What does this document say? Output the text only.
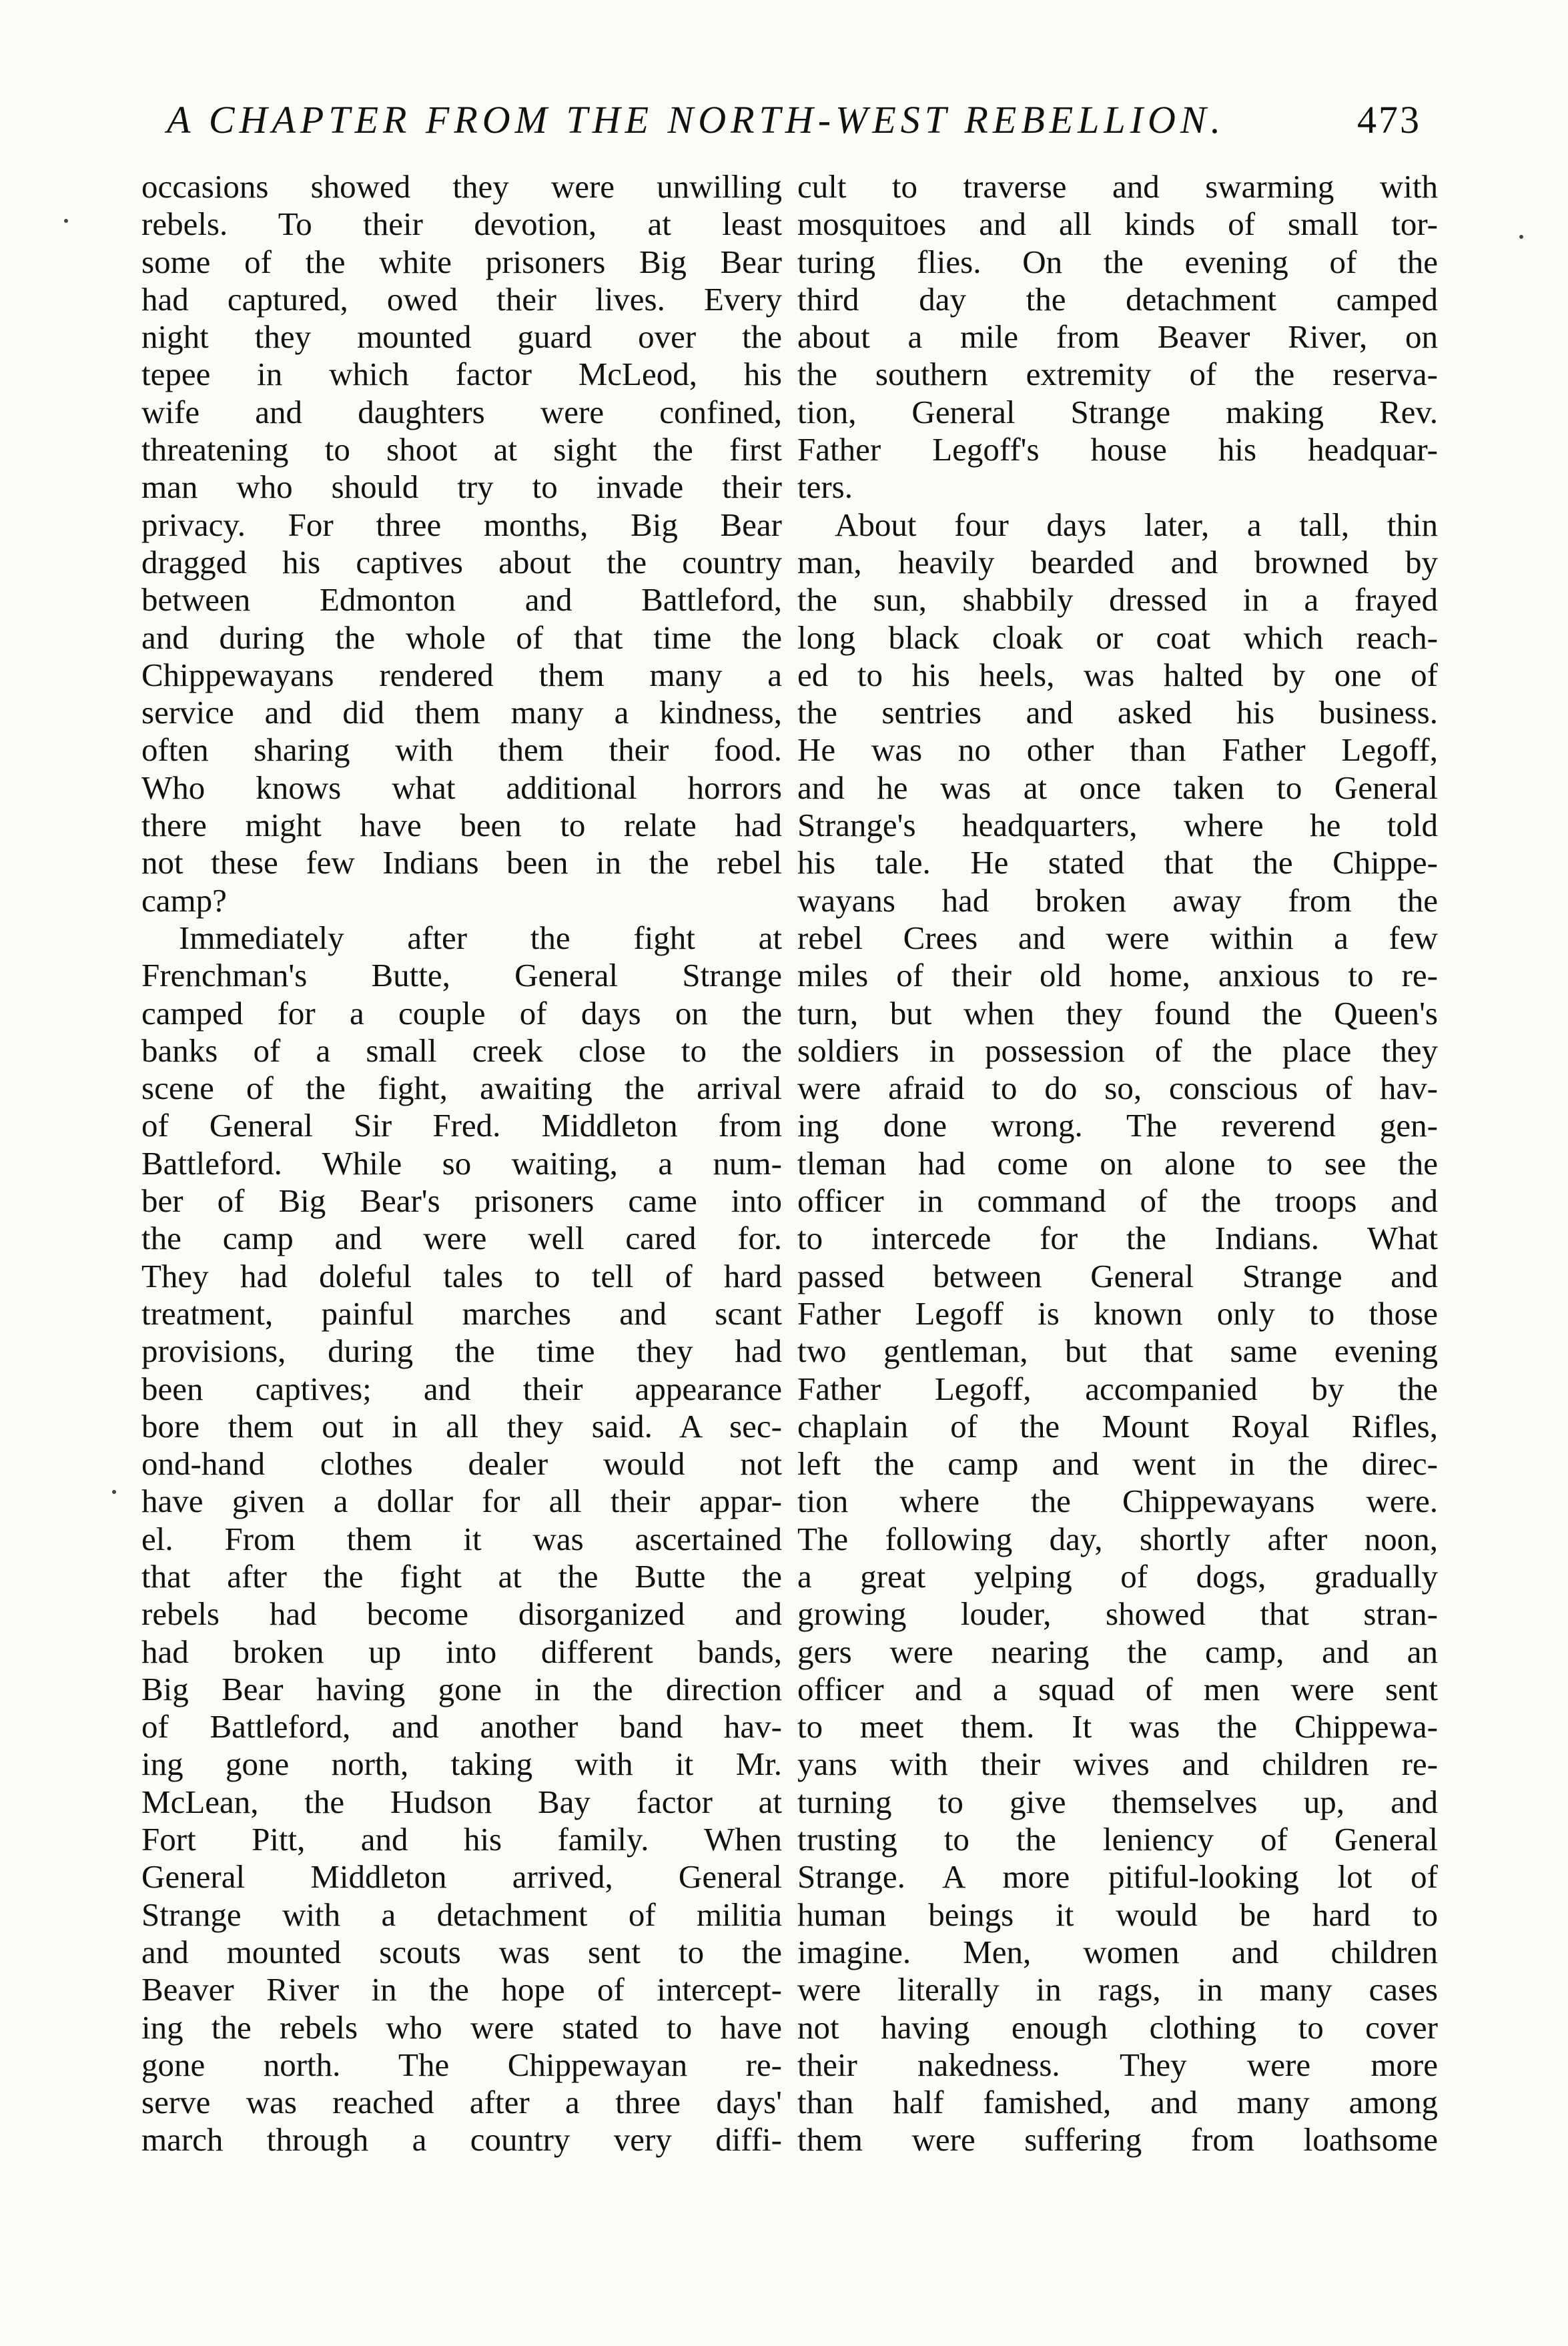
A CHAPTER FROM THE NORTH-WEST REBELLION.	473
occasions showed they were unwilling
rebels. To their devotion, at least
some of the white prisoners Big Bear
had captured, owed their lives. Every
night they mounted guard over the
tepee in which factor McLeod, his
wife and daughters were confined,
threatening to shoot at sight the first
man who should try to invade their
privacy. For three months, Big Bear
dragged his captives about the country
between Edmonton and Battleford,
and during the whole of that time the
Chippewayans rendered them many a
service and did them many a kindness,
often sharing with them their food.
Who knows what additional horrors
there might have been to relate had
not these few Indians been in the rebel
camp?
Immediately after the fight at
Frenchman's Butte, General Strange
camped for a couple of days on the
banks of a small creek close to the
scene of the fight, awaiting the arrival
of General Sir Fred. Middleton from
Battleford. While so waiting, a num-
ber of Big Bear's prisoners came into
the camp and were well cared for.
They had doleful tales to tell of hard
treatment, painful marches and scant
provisions, during the time they had
been captives; and their appearance
bore them out in all they said. A sec-
ond-hand clothes dealer would not
have given a dollar for all their appar-
el. From them it was ascertained
that after the fight at the Butte the
rebels had become disorganized and
had broken up into different bands,
Big Bear having gone in the direction
of Battleford, and another band hav-
ing gone north, taking with it Mr.
McLean, the Hudson Bay factor at
Fort Pitt, and his family. When
General Middleton arrived, General
Strange with a detachment of militia
and mounted scouts was sent to the
Beaver River in the hope of intercept-
ing the rebels who were stated to have
gone north. The Chippewayan re-
serve was reached after a three days'
march through a country very diffi-
cult to traverse and swarming with
mosquitoes and all kinds of small tor-
turing flies. On the evening of the
third day the detachment camped
about a mile from Beaver River, on
the southern extremity of the reserva-
tion, General Strange making Rev.
Father Legoff's house his headquar-
ters.
About four days later, a tall, thin
man, heavily bearded and browned by
the sun, shabbily dressed in a frayed
long black cloak or coat which reach-
ed to his heels, was halted by one of
the sentries and asked his business.
He was no other than Father Legoff,
and he was at once taken to General
Strange's headquarters, where he told
his tale. He stated that the Chippe-
wayans had broken away from the
rebel Crees and were within a few
miles of their old home, anxious to re-
turn, but when they found the Queen's
soldiers in possession of the place they
were afraid to do so, conscious of hav-
ing done wrong. The reverend gen-
tleman had come on alone to see the
officer in command of the troops and
to intercede for the Indians. What
passed between General Strange and
Father Legoff is known only to those
two gentleman, but that same evening
Father Legoff, accompanied by the
chaplain of the Mount Royal Rifles,
left the camp and went in the direc-
tion where the Chippewayans were.
The following day, shortly after noon,
a great yelping of dogs, gradually
growing louder, showed that stran-
gers were nearing the camp, and an
officer and a squad of men were sent
to meet them. It was the Chippewa-
yans with their wives and children re-
turning to give themselves up, and
trusting to the leniency of General
Strange. A more pitiful-looking lot of
human beings it would be hard to
imagine. Men, women and children
were literally in rags, in many cases
not having enough clothing to cover
their nakedness. They were more
than half famished, and many among
them were suffering from loathsome
